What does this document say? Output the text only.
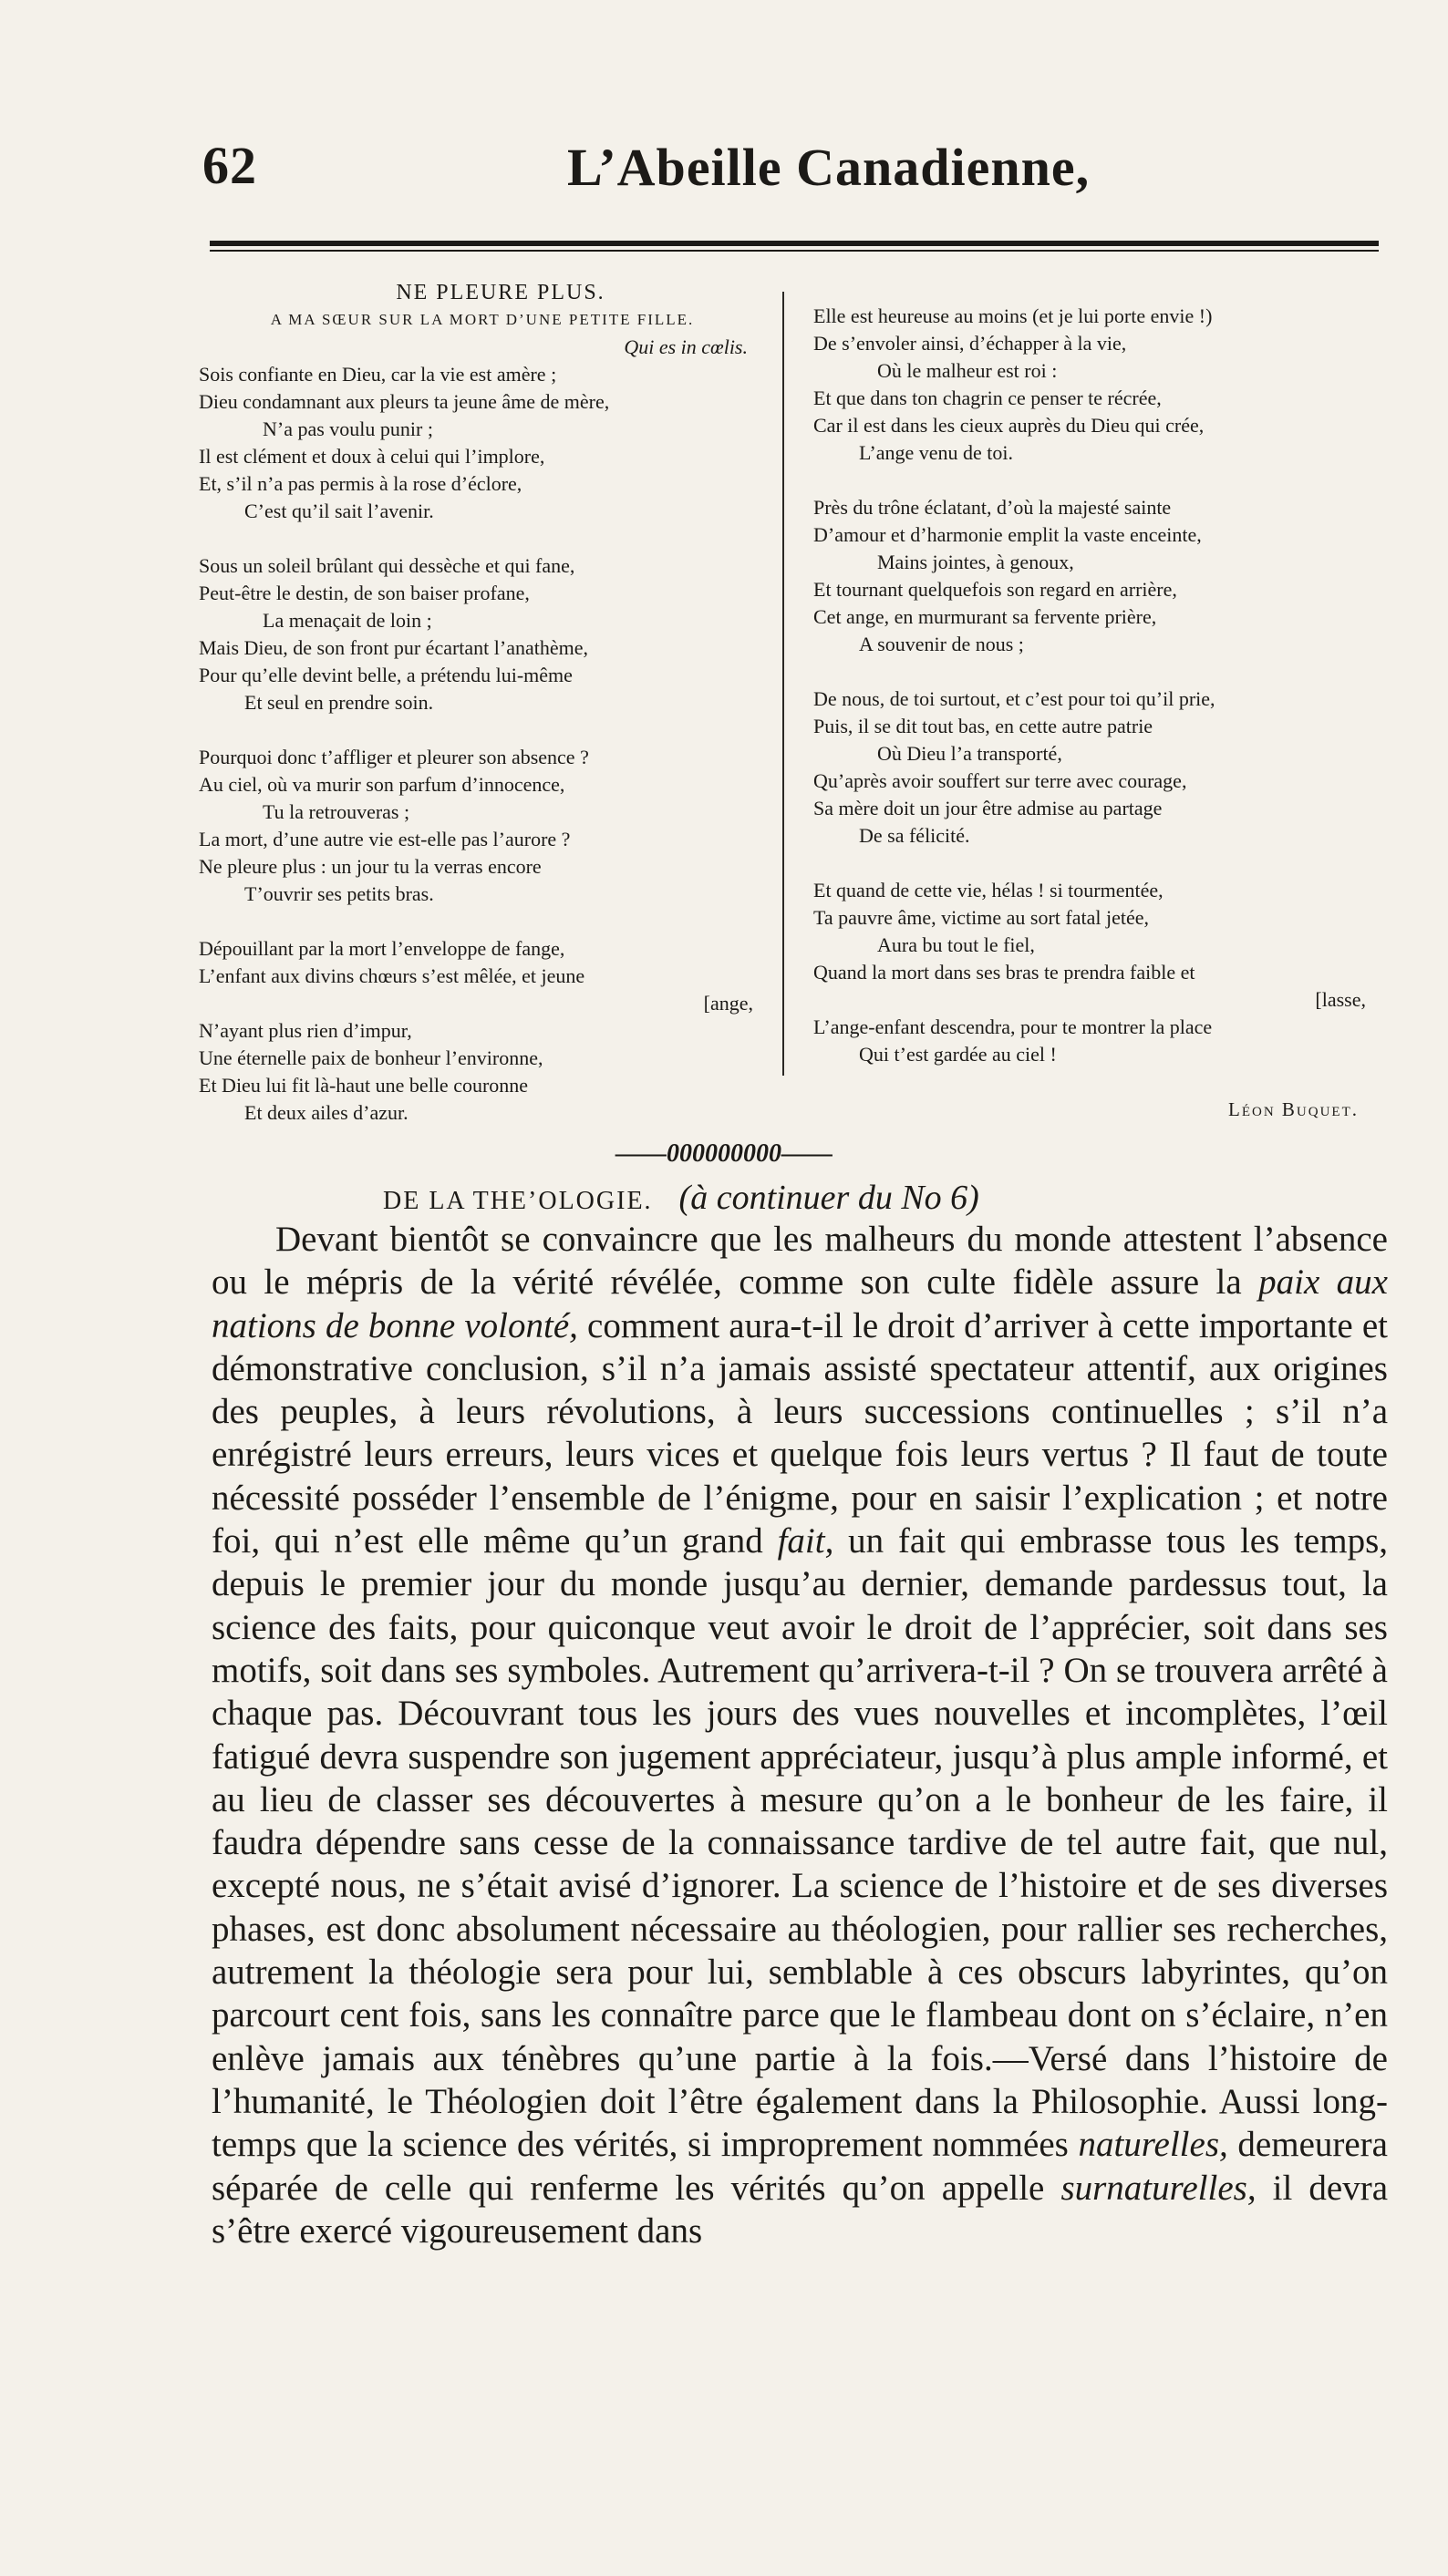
62	L’Abeille Canadienne,
NE PLEURE PLUS.
A MA SŒUR SUR LA MORT D’UNE PETITE FILLE.
Qui es in cœlis.
Sois confiante en Dieu, car la vie est amère ;
Dieu condamnant aux pleurs ta jeune âme de mère,
N’a pas voulu punir ;
Il est clément et doux à celui qui l’implore,
Et, s’il n’a pas permis à la rose d’éclore,
C’est qu’il sait l’avenir.
Sous un soleil brûlant qui dessèche et qui fane,
Peut-être le destin, de son baiser profane,
La menaçait de loin ;
Mais Dieu, de son front pur écartant l’anathème,
Pour qu’elle devint belle, a prétendu lui-même
Et seul en prendre soin.
Pourquoi donc t’affliger et pleurer son absence ?
Au ciel, où va murir son parfum d’innocence,
Tu la retrouveras ;
La mort, d’une autre vie est-elle pas l’aurore ?
Ne pleure plus : un jour tu la verras encore
T’ouvrir ses petits bras.
Dépouillant par la mort l’enveloppe de fange,
L’enfant aux divins chœurs s’est mêlée, et jeune
[ange,
N’ayant plus rien d’impur,
Une éternelle paix de bonheur l’environne,
Et Dieu lui fit là-haut une belle couronne
Et deux ailes d’azur.
Elle est heureuse au moins (et je lui porte envie !)
De s’envoler ainsi, d’échapper à la vie,
Où le malheur est roi :
Et que dans ton chagrin ce penser te récrée,
Car il est dans les cieux auprès du Dieu qui crée,
L’ange venu de toi.
Près du trône éclatant, d’où la majesté sainte
D’amour et d’harmonie emplit la vaste enceinte,
Mains jointes, à genoux,
Et tournant quelquefois son regard en arrière,
Cet ange, en murmurant sa fervente prière,
A souvenir de nous ;
De nous, de toi surtout, et c’est pour toi qu’il prie,
Puis, il se dit tout bas, en cette autre patrie
Où Dieu l’a transporté,
Qu’après avoir souffert sur terre avec courage,
Sa mère doit un jour être admise au partage
De sa félicité.
Et quand de cette vie, hélas ! si tourmentée,
Ta pauvre âme, victime au sort fatal jetée,
Aura bu tout le fiel,
Quand la mort dans ses bras te prendra faible et
[lasse,
L’ange-enfant descendra, pour te montrer la place
Qui t’est gardée au ciel !
Léon Buquet.
——000000000——
DE LA THE’OLOGIE. (à continuer du No 6)

Devant bientôt se convaincre que les malheurs du monde attestent l’absence ou le mépris de la vérité révélée, comme son culte fidèle assure la paix aux nations de bonne volonté, comment aura-t-il le droit d’arriver à cette importante et démonstrative conclusion, s’il n’a jamais assisté spectateur attentif, aux origines des peuples, à leurs révolutions, à leurs successions continuelles ; s’il n’a enrégistré leurs erreurs, leurs vices et quelque fois leurs vertus ? Il faut de toute nécessité posséder l’ensemble de l’énigme, pour en saisir l’explication ; et notre foi, qui n’est elle même qu’un grand fait, un fait qui embrasse tous les temps, depuis le premier jour du monde jusqu’au dernier, demande pardessus tout, la science des faits, pour quiconque veut avoir le droit de l’apprécier, soit dans ses motifs, soit dans ses symboles. Autrement qu’arrivera-t-il ? On se trouvera arrêté à chaque pas. Découvrant tous les jours des vues nouvelles et incomplètes, l’œil fatigué devra suspendre son jugement appréciateur, jusqu’à plus ample informé, et au lieu de classer ses découvertes à mesure qu’on a le bonheur de les faire, il faudra dépendre sans cesse de la connaissance tardive de tel autre fait, que nul, excepté nous, ne s’était avisé d’ignorer. La science de l’histoire et de ses diverses phases, est donc absolument nécessaire au théologien, pour rallier ses recherches, autrement la théologie sera pour lui, semblable à ces obscurs labyrintes, qu’on parcourt cent fois, sans les connaître parce que le flambeau dont on s’éclaire, n’en enlève jamais aux ténèbres qu’une partie à la fois.—Versé dans l’histoire de l’humanité, le Théologien doit l’être également dans la Philosophie. Aussi long-temps que la science des vérités, si improprement nommées naturelles, demeurera séparée de celle qui renferme les vérités qu’on appelle surnaturelles, il devra s’être exercé vigoureusement dans
